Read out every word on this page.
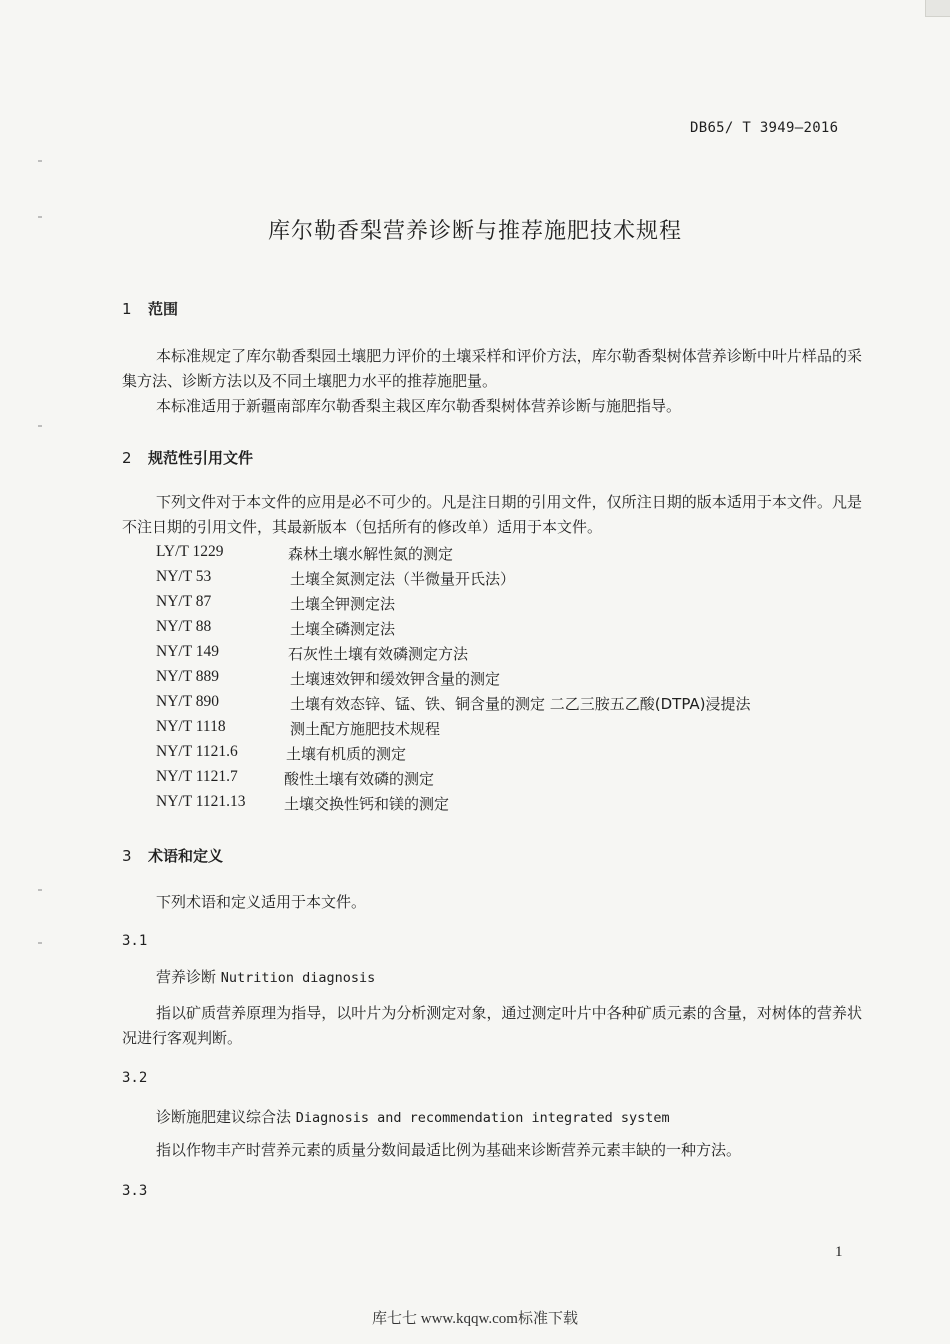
DB65/ T 3949—2016
库尔勒香梨营养诊断与推荐施肥技术规程
1 范围
本标准规定了库尔勒香梨园土壤肥力评价的土壤采样和评价方法，库尔勒香梨树体营养诊断中叶片样品的采集方法、诊断方法以及不同土壤肥力水平的推荐施肥量。
本标准适用于新疆南部库尔勒香梨主栽区库尔勒香梨树体营养诊断与施肥指导。
2 规范性引用文件
下列文件对于本文件的应用是必不可少的。凡是注日期的引用文件，仅所注日期的版本适用于本文件。凡是不注日期的引用文件，其最新版本（包括所有的修改单）适用于本文件。
LY/T 1229	森林土壤水解性氮的测定
NY/T 53	土壤全氮测定法（半微量开氏法）
NY/T 87	土壤全钾测定法
NY/T 88	土壤全磷测定法
NY/T 149	石灰性土壤有效磷测定方法
NY/T 889	土壤速效钾和缓效钾含量的测定
NY/T 890	土壤有效态锌、锰、铁、铜含量的测定 二乙三胺五乙酸(DTPA)浸提法
NY/T 1118	测土配方施肥技术规程
NY/T 1121.6	土壤有机质的测定
NY/T 1121.7	酸性土壤有效磷的测定
NY/T 1121.13	土壤交换性钙和镁的测定
3 术语和定义
下列术语和定义适用于本文件。
3.1
营养诊断 Nutrition diagnosis
指以矿质营养原理为指导，以叶片为分析测定对象，通过测定叶片中各种矿质元素的含量，对树体的营养状况进行客观判断。
3.2
诊断施肥建议综合法 Diagnosis and recommendation integrated system
指以作物丰产时营养元素的质量分数间最适比例为基础来诊断营养元素丰缺的一种方法。
3.3
1
库七七 www.kqqw.com标准下载
